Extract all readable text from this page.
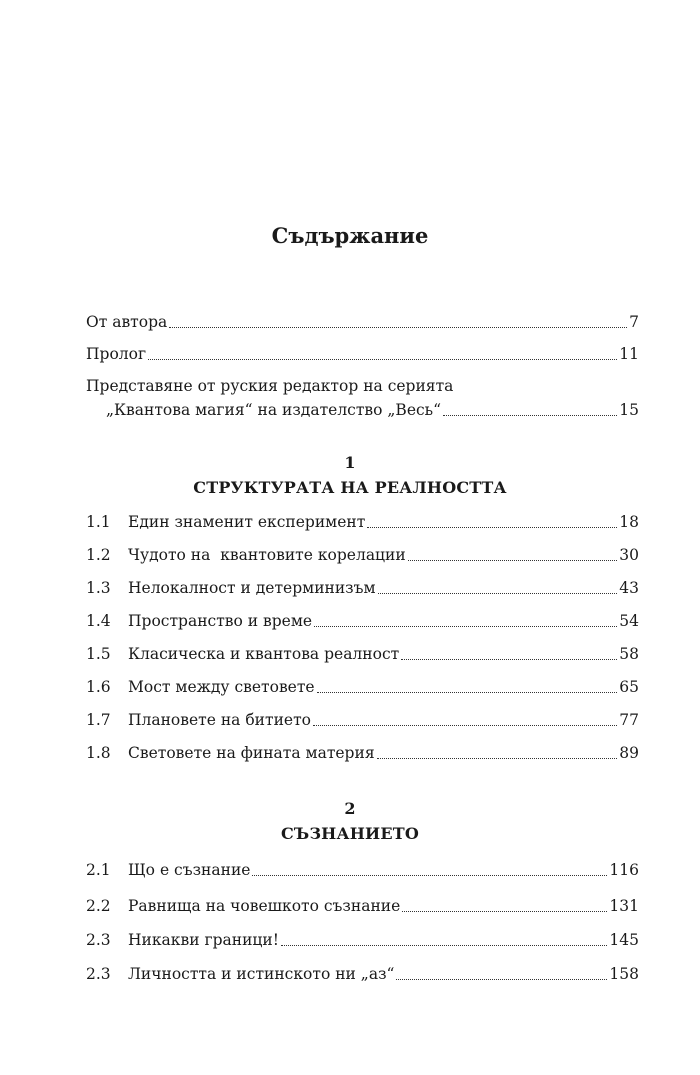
Съдържание
От автора	7
Пролог	11
Представяне от руския редактор на серията
„Квантова магия“ на издателство „Весь“	15
1
СТРУКТУРАТА НА РЕАЛНОСТТА
1.1	Един знаменит експеримент	18
1.2	Чудото на  квантовите корелации	30
1.3	Нелокалност и детерминизъм	43
1.4	Пространство и време	54
1.5	Класическа и квантова реалност	58
1.6	Мост между световете	65
1.7	Плановете на битието	77
1.8	Световете на фината материя	89
2
СЪЗНАНИЕТО
2.1	Що е съзнание	116
2.2	Равнища на човешкото съзнание	131
2.3	Никакви граници!	145
2.3	Личността и истинското ни „аз“	158
